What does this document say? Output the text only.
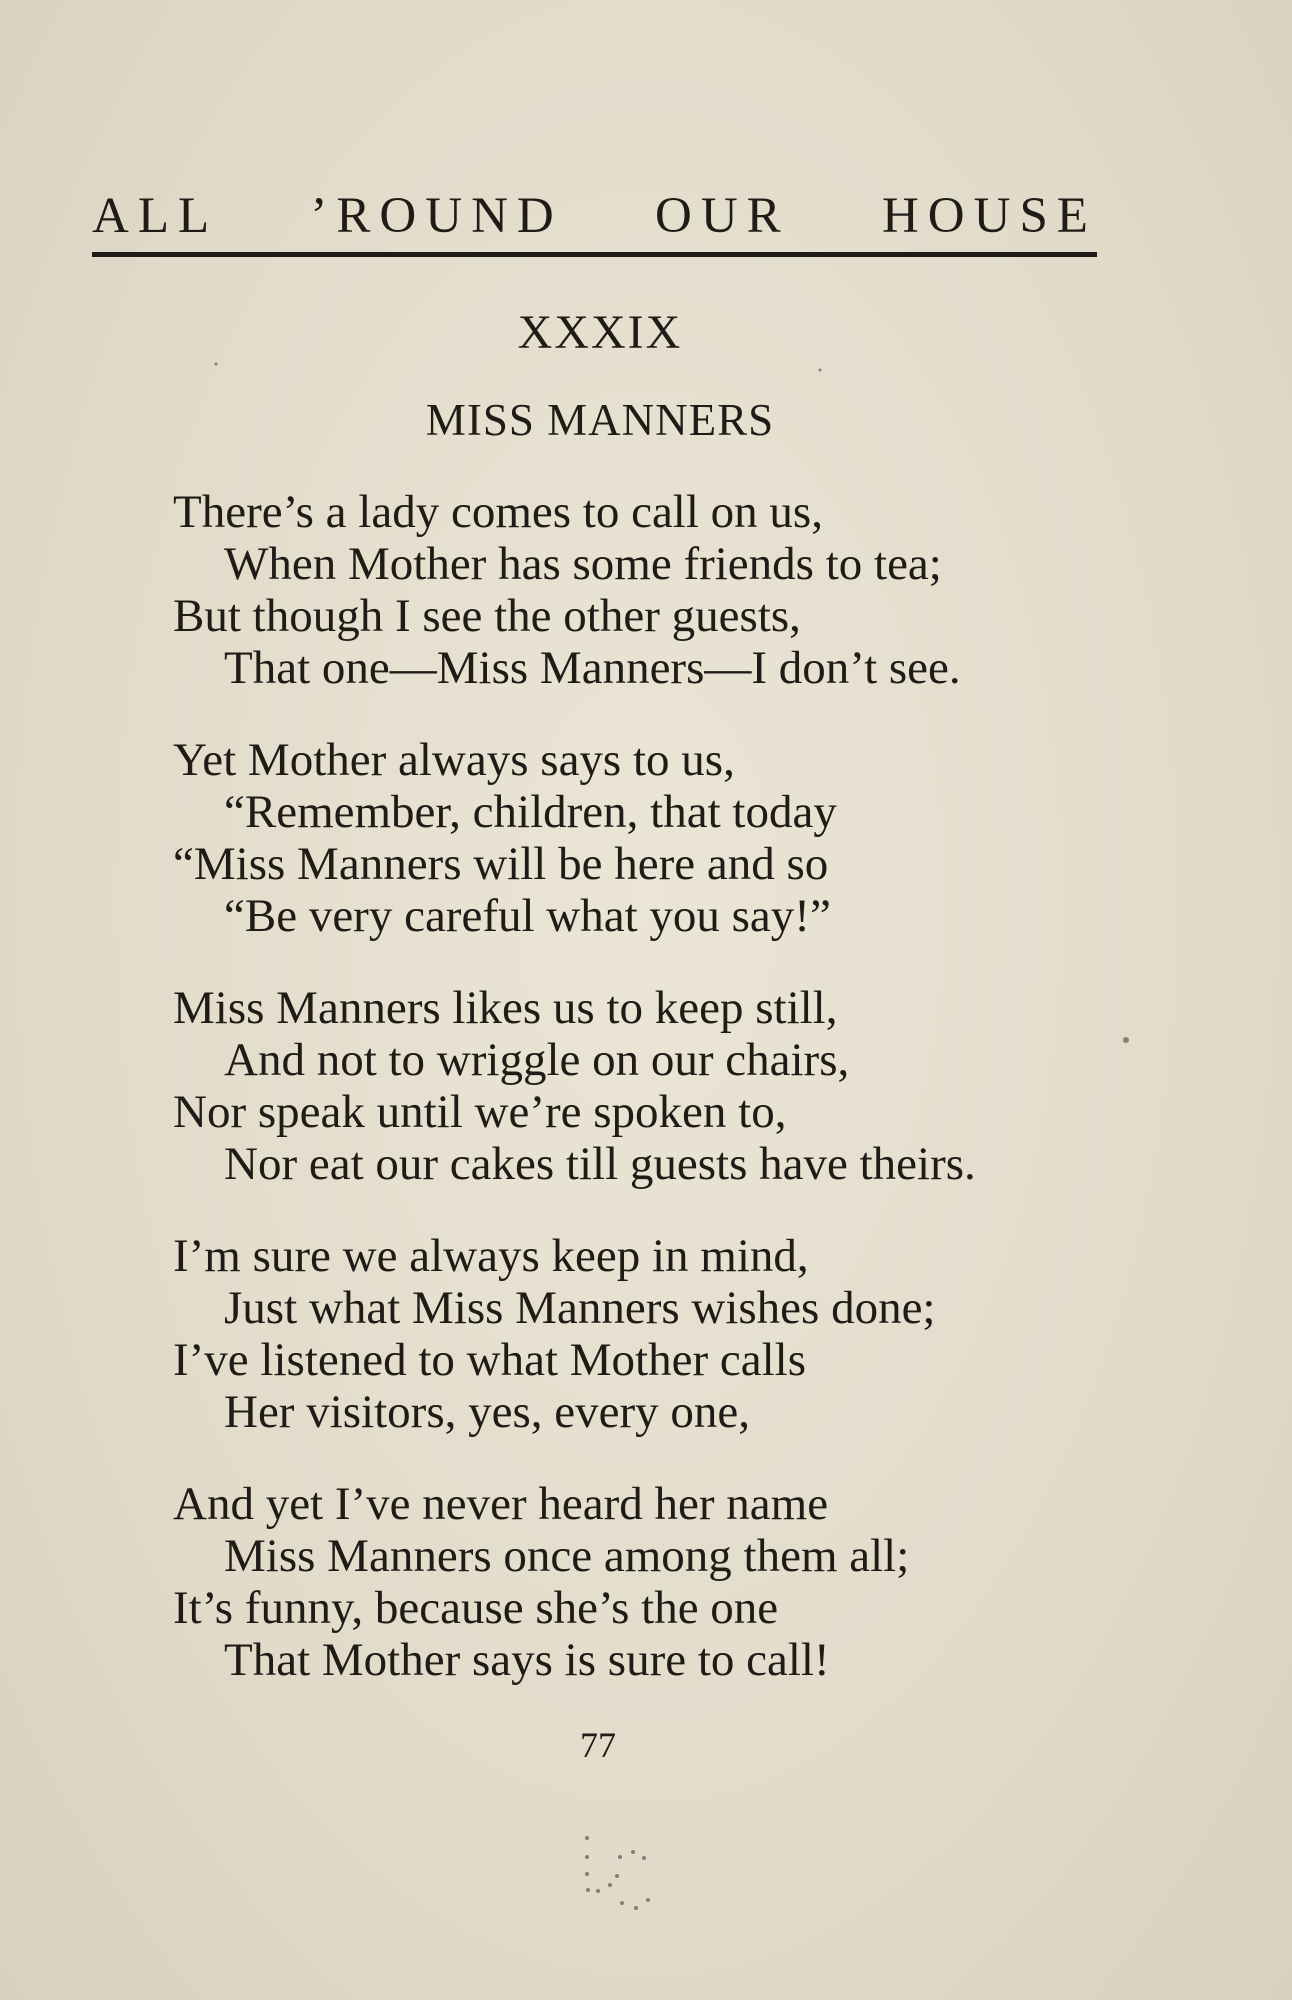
ALL ’ROUND OUR HOUSE
XXXIX
MISS MANNERS
There’s a lady comes to call on us,
When Mother has some friends to tea;
But though I see the other guests,
That one—Miss Manners—I don’t see.
Yet Mother always says to us,
“Remember, children, that today
“Miss Manners will be here and so
“Be very careful what you say!”
Miss Manners likes us to keep still,
And not to wriggle on our chairs,
Nor speak until we’re spoken to,
Nor eat our cakes till guests have theirs.
I’m sure we always keep in mind,
Just what Miss Manners wishes done;
I’ve listened to what Mother calls
Her visitors, yes, every one,
And yet I’ve never heard her name
Miss Manners once among them all;
It’s funny, because she’s the one
That Mother says is sure to call!
77
